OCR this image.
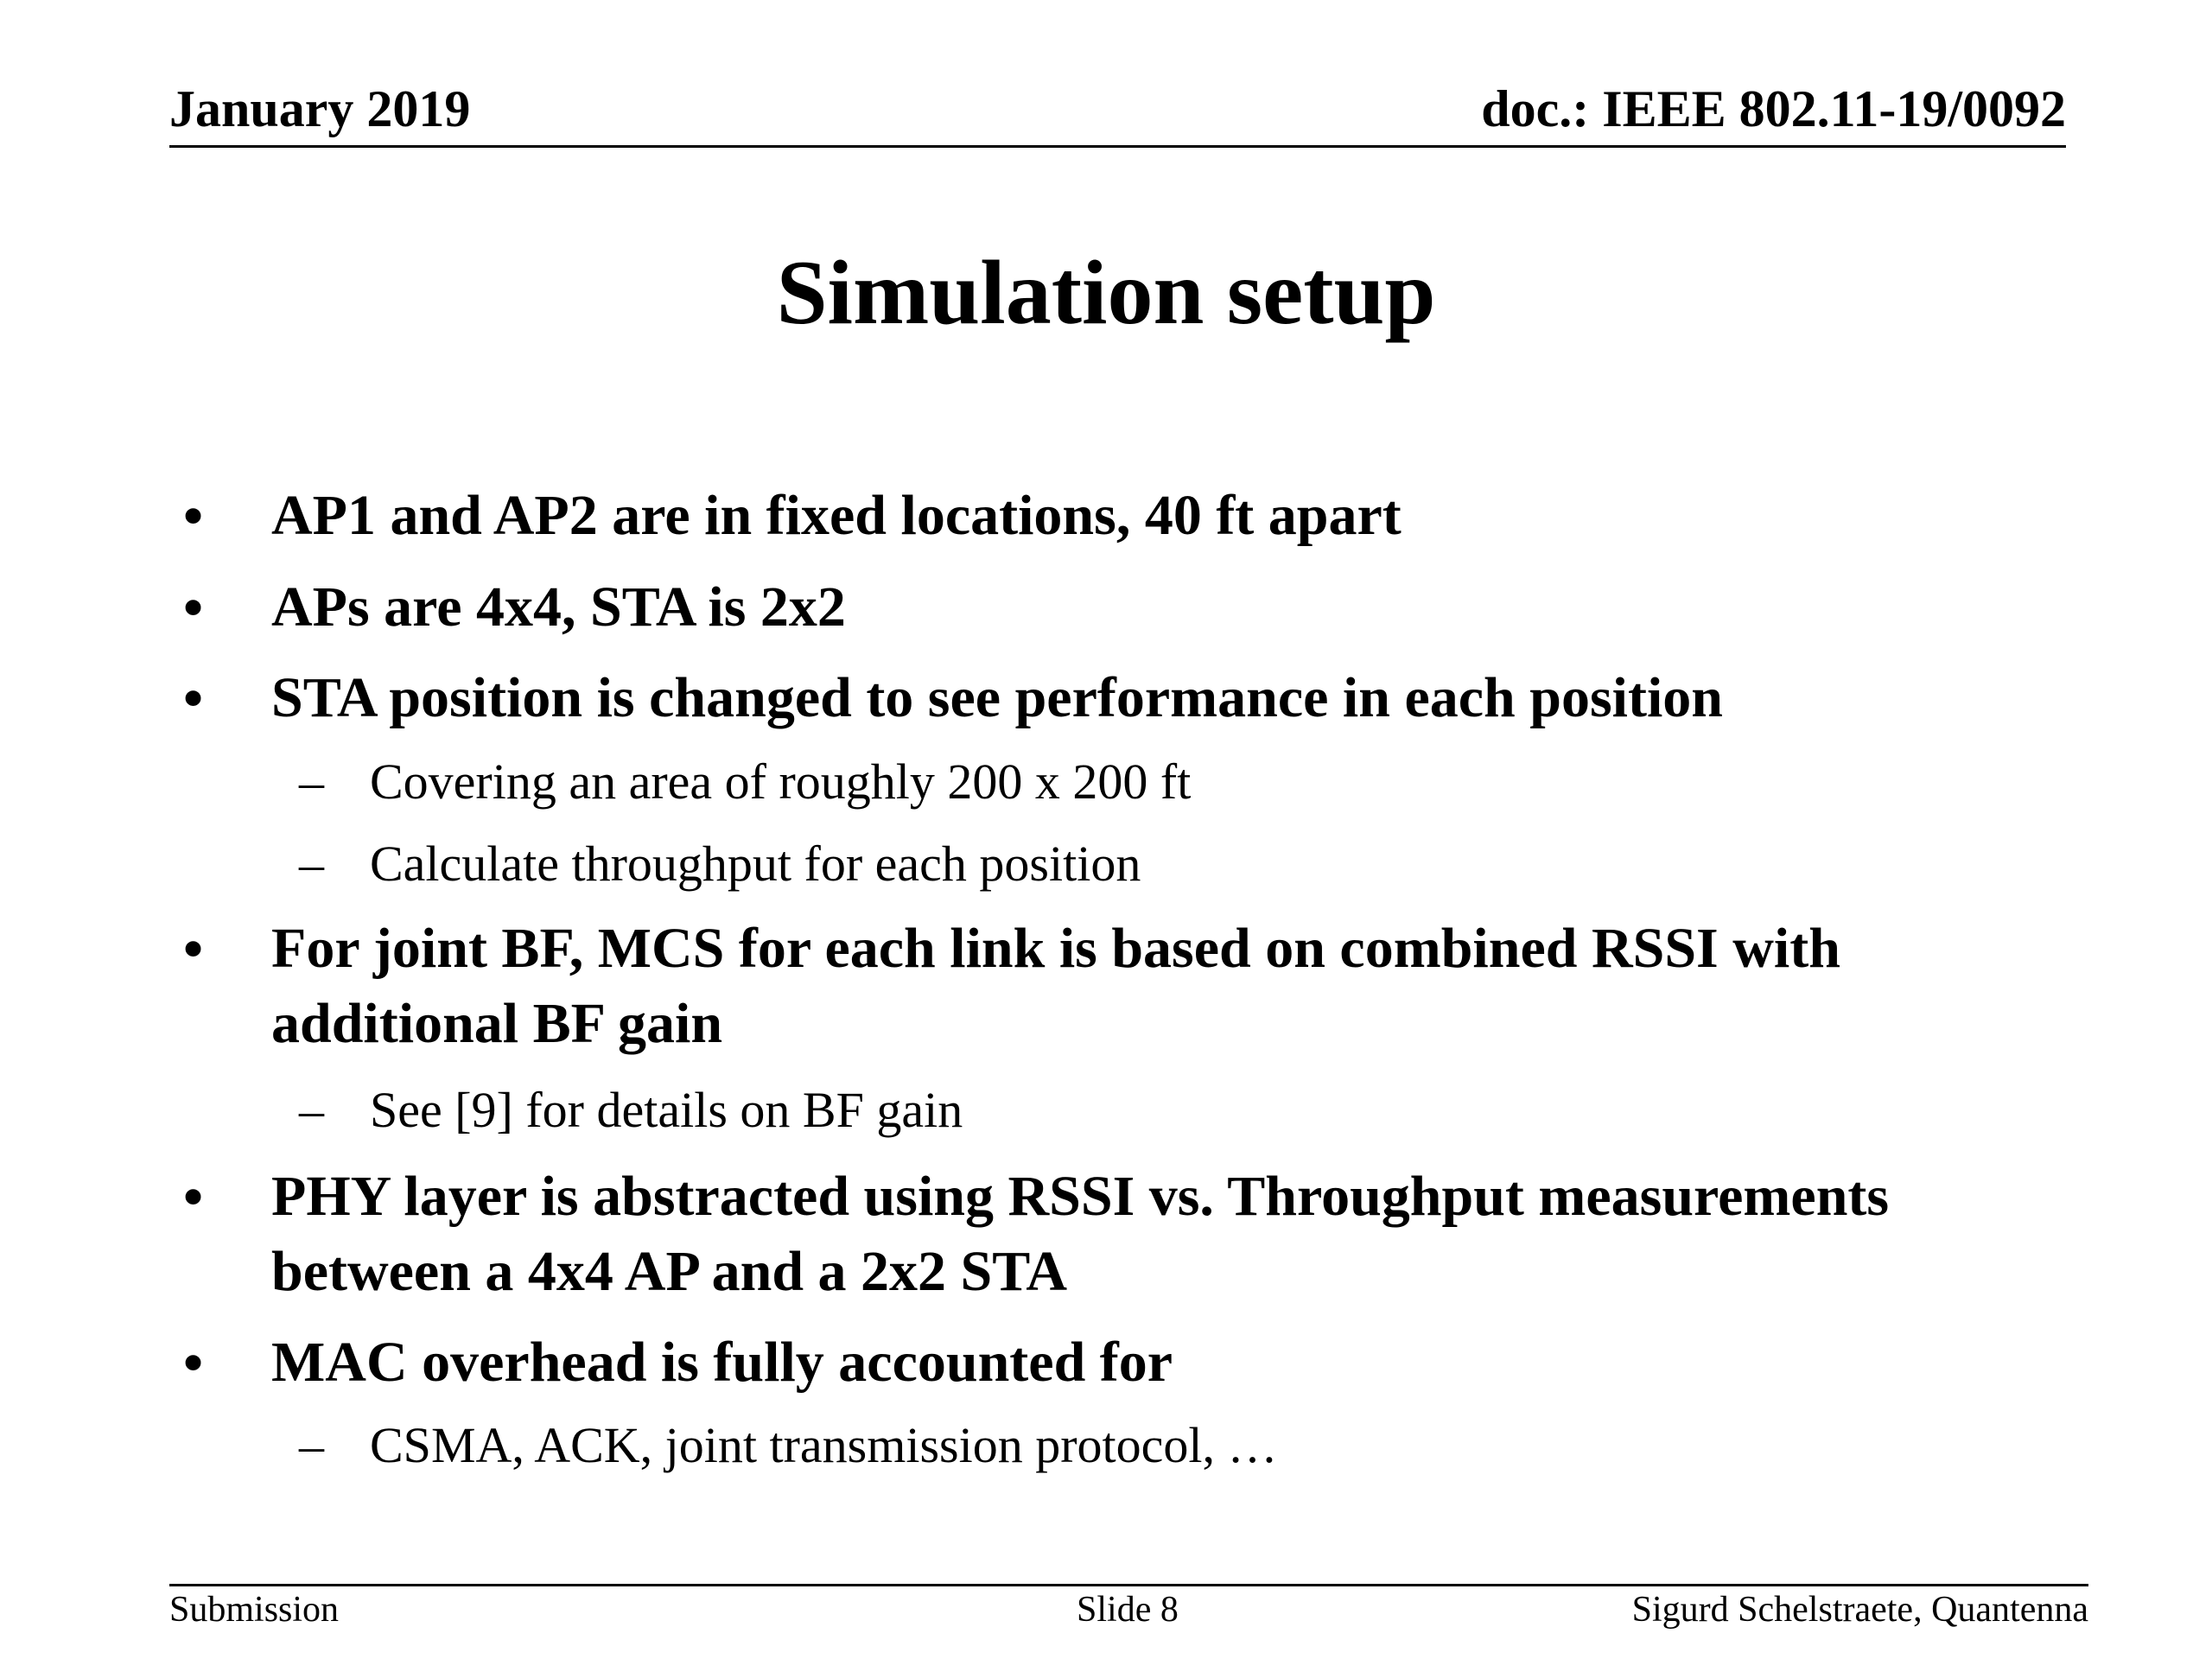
January 2019	doc.: IEEE 802.11-19/0092
Simulation setup
• AP1 and AP2 are in fixed locations, 40 ft apart
• APs are 4x4, STA is 2x2
• STA position is changed to see performance in each position
– Covering an area of roughly 200 x 200 ft
– Calculate throughput for each position
• For joint BF, MCS for each link is based on combined RSSI with additional BF gain
– See [9] for details on BF gain
• PHY layer is abstracted using RSSI vs. Throughput measurements between a 4x4 AP and a 2x2 STA
• MAC overhead is fully accounted for
– CSMA, ACK, joint transmission protocol, …
Submission	Slide 8	Sigurd Schelstraete, Quantenna
